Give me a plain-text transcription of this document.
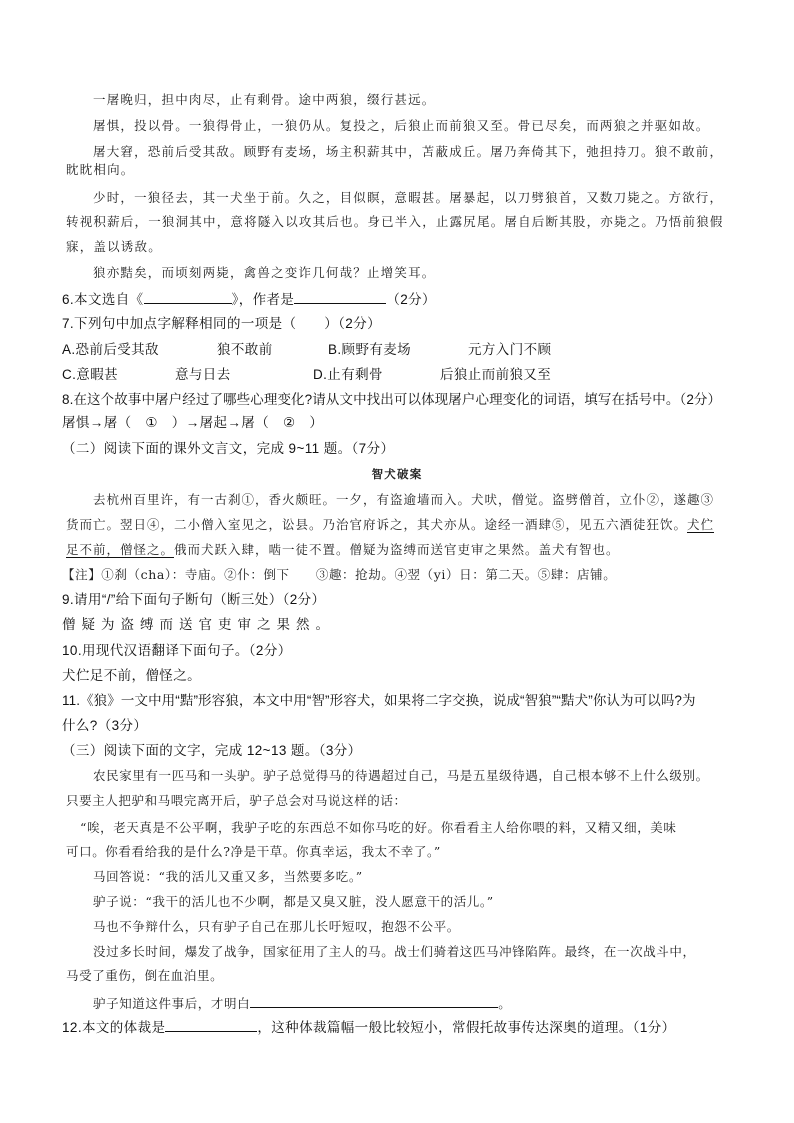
一屠晚归，担中肉尽，止有剩骨。途中两狼，缀行甚远。
屠惧，投以骨。一狼得骨止，一狼仍从。复投之，后狼止而前狼又至。骨已尽矣，而两狼之并驱如故。
屠大窘，恐前后受其敌。顾野有麦场，场主积薪其中，苫蔽成丘。屠乃奔倚其下，弛担持刀。狼不敢前，
眈眈相向。
少时，一狼径去，其一犬坐于前。久之，目似瞑，意暇甚。屠暴起，以刀劈狼首，又数刀毙之。方欲行，
转视积薪后，一狼洞其中，意将隧入以攻其后也。身已半入，止露尻尾。屠自后断其股，亦毙之。乃悟前狼假
寐，盖以诱敌。
狼亦黠矣，而顷刻两毙，禽兽之变诈几何哉？止增笑耳。
6.本文选自《	》，作者是	（2分）
7.下列句中加点字解释相同的一项是（　　）（2分）
A.恐前后受其敌	狼不敢前	B.顾野有麦场	元方入门不顾
C.意暇甚	意与日去	D.止有剩骨	后狼止而前狼又至
8.在这个故事中屠户经过了哪些心理变化?请从文中找出可以体现屠户心理变化的词语，填写在括号中。（2分）
屠惧→屠（　①　）→屠起→屠（　②　）
（二）阅读下面的课外文言文，完成 9~11 题。（7分）
智犬破案
去杭州百里许，有一古刹①，香火颇旺。一夕，有盗逾墙而入。犬吠，僧觉。盗劈僧首，立仆②，遂趣③
货而亡。翌日④，二小僧入室见之，讼县。乃治官府诉之，其犬亦从。途经一酒肆⑤，见五六酒徒狂饮。犬伫
足不前，僧怪之。俄而犬跃入肆，啮一徒不置。僧疑为盗缚而送官吏审之果然。盖犬有智也。
【注】①刹（cha）：寺庙。②仆：倒下　　③趣：抢劫。④翌（yi）日：第二天。⑤肆：店铺。
9.请用“/”给下面句子断句（断三处）（2分）
僧疑为盗缚而送官吏审之果然。
10.用现代汉语翻译下面句子。（2分）
犬伫足不前，僧怪之。
11.《狼》一文中用“黠”形容狼，本文中用“智”形容犬，如果将二字交换，说成“智狼”“黠犬”你认为可以吗?为
什么?（3分）
（三）阅读下面的文字，完成 12~13 题。（3分）
农民家里有一匹马和一头驴。驴子总觉得马的待遇超过自己，马是五星级待遇，自己根本够不上什么级别。
只要主人把驴和马喂完离开后，驴子总会对马说这样的话：
“唉，老天真是不公平啊，我驴子吃的东西总不如你马吃的好。你看看主人给你喂的料，又精又细，美味
可口。你看看给我的是什么?净是干草。你真幸运，我太不幸了。”
马回答说：“我的活儿又重又多，当然要多吃。”
驴子说：“我干的活儿也不少啊，都是又臭又脏，没人愿意干的活儿。”
马也不争辩什么，只有驴子自己在那儿长吁短叹，抱怨不公平。
没过多长时间，爆发了战争，国家征用了主人的马。战士们骑着这匹马冲锋陷阵。最终，在一次战斗中，
马受了重伤，倒在血泊里。
驴子知道这件事后，才明白	。
12.本文的体裁是	，这种体裁篇幅一般比较短小，常假托故事传达深奥的道理。（1分）
